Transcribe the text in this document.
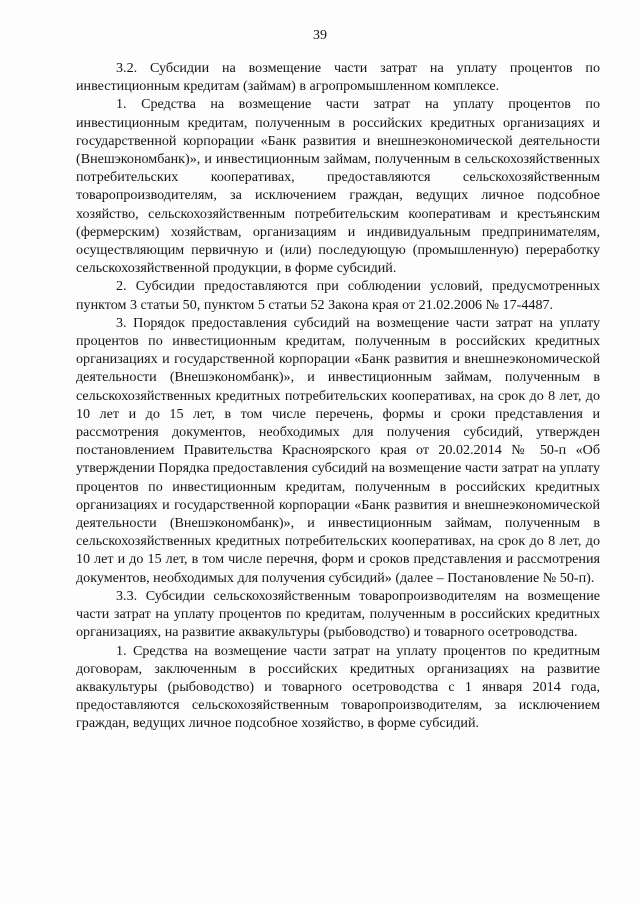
39

3.2. Субсидии на возмещение части затрат на уплату процентов по инвестиционным кредитам (займам) в агропромышленном комплексе.

1. Средства на возмещение части затрат на уплату процентов по инвестиционным кредитам, полученным в российских кредитных организациях и государственной корпорации «Банк развития и внешнеэкономической деятельности (Внешэкономбанк)», и инвестиционным займам, полученным в сельскохозяйственных потребительских кооперативах, предоставляются сельскохозяйственным товаропроизводителям, за исключением граждан, ведущих личное подсобное хозяйство, сельскохозяйственным потребительским кооперативам и крестьянским (фермерским) хозяйствам, организациям и индивидуальным предпринимателям, осуществляющим первичную и (или) последующую (промышленную) переработку сельскохозяйственной продукции, в форме субсидий.

2. Субсидии предоставляются при соблюдении условий, предусмотренных пунктом 3 статьи 50, пунктом 5 статьи 52 Закона края от 21.02.2006 № 17-4487.

3. Порядок предоставления субсидий на возмещение части затрат на уплату процентов по инвестиционным кредитам, полученным в российских кредитных организациях и государственной корпорации «Банк развития и внешнеэкономической деятельности (Внешэкономбанк)», и инвестиционным займам, полученным в сельскохозяйственных кредитных потребительских кооперативах, на срок до 8 лет, до 10 лет и до 15 лет, в том числе перечень, формы и сроки представления и рассмотрения документов, необходимых для получения субсидий, утвержден постановлением Правительства Красноярского края от 20.02.2014 № 50-п «Об утверждении Порядка предоставления субсидий на возмещение части затрат на уплату процентов по инвестиционным кредитам, полученным в российских кредитных организациях и государственной корпорации «Банк развития и внешнеэкономической деятельности (Внешэкономбанк)», и инвестиционным займам, полученным в сельскохозяйственных кредитных потребительских кооперативах, на срок до 8 лет, до 10 лет и до 15 лет, в том числе перечня, форм и сроков представления и рассмотрения документов, необходимых для получения субсидий» (далее – Постановление № 50-п).

3.3. Субсидии сельскохозяйственным товаропроизводителям на возмещение части затрат на уплату процентов по кредитам, полученным в российских кредитных организациях, на развитие аквакультуры (рыбоводство) и товарного осетроводства.

1. Средства на возмещение части затрат на уплату процентов по кредитным договорам, заключенным в российских кредитных организациях на развитие аквакультуры (рыбоводство) и товарного осетроводства с 1 января 2014 года, предоставляются сельскохозяйственным товаропроизводителям, за исключением граждан, ведущих личное подсобное хозяйство, в форме субсидий.
